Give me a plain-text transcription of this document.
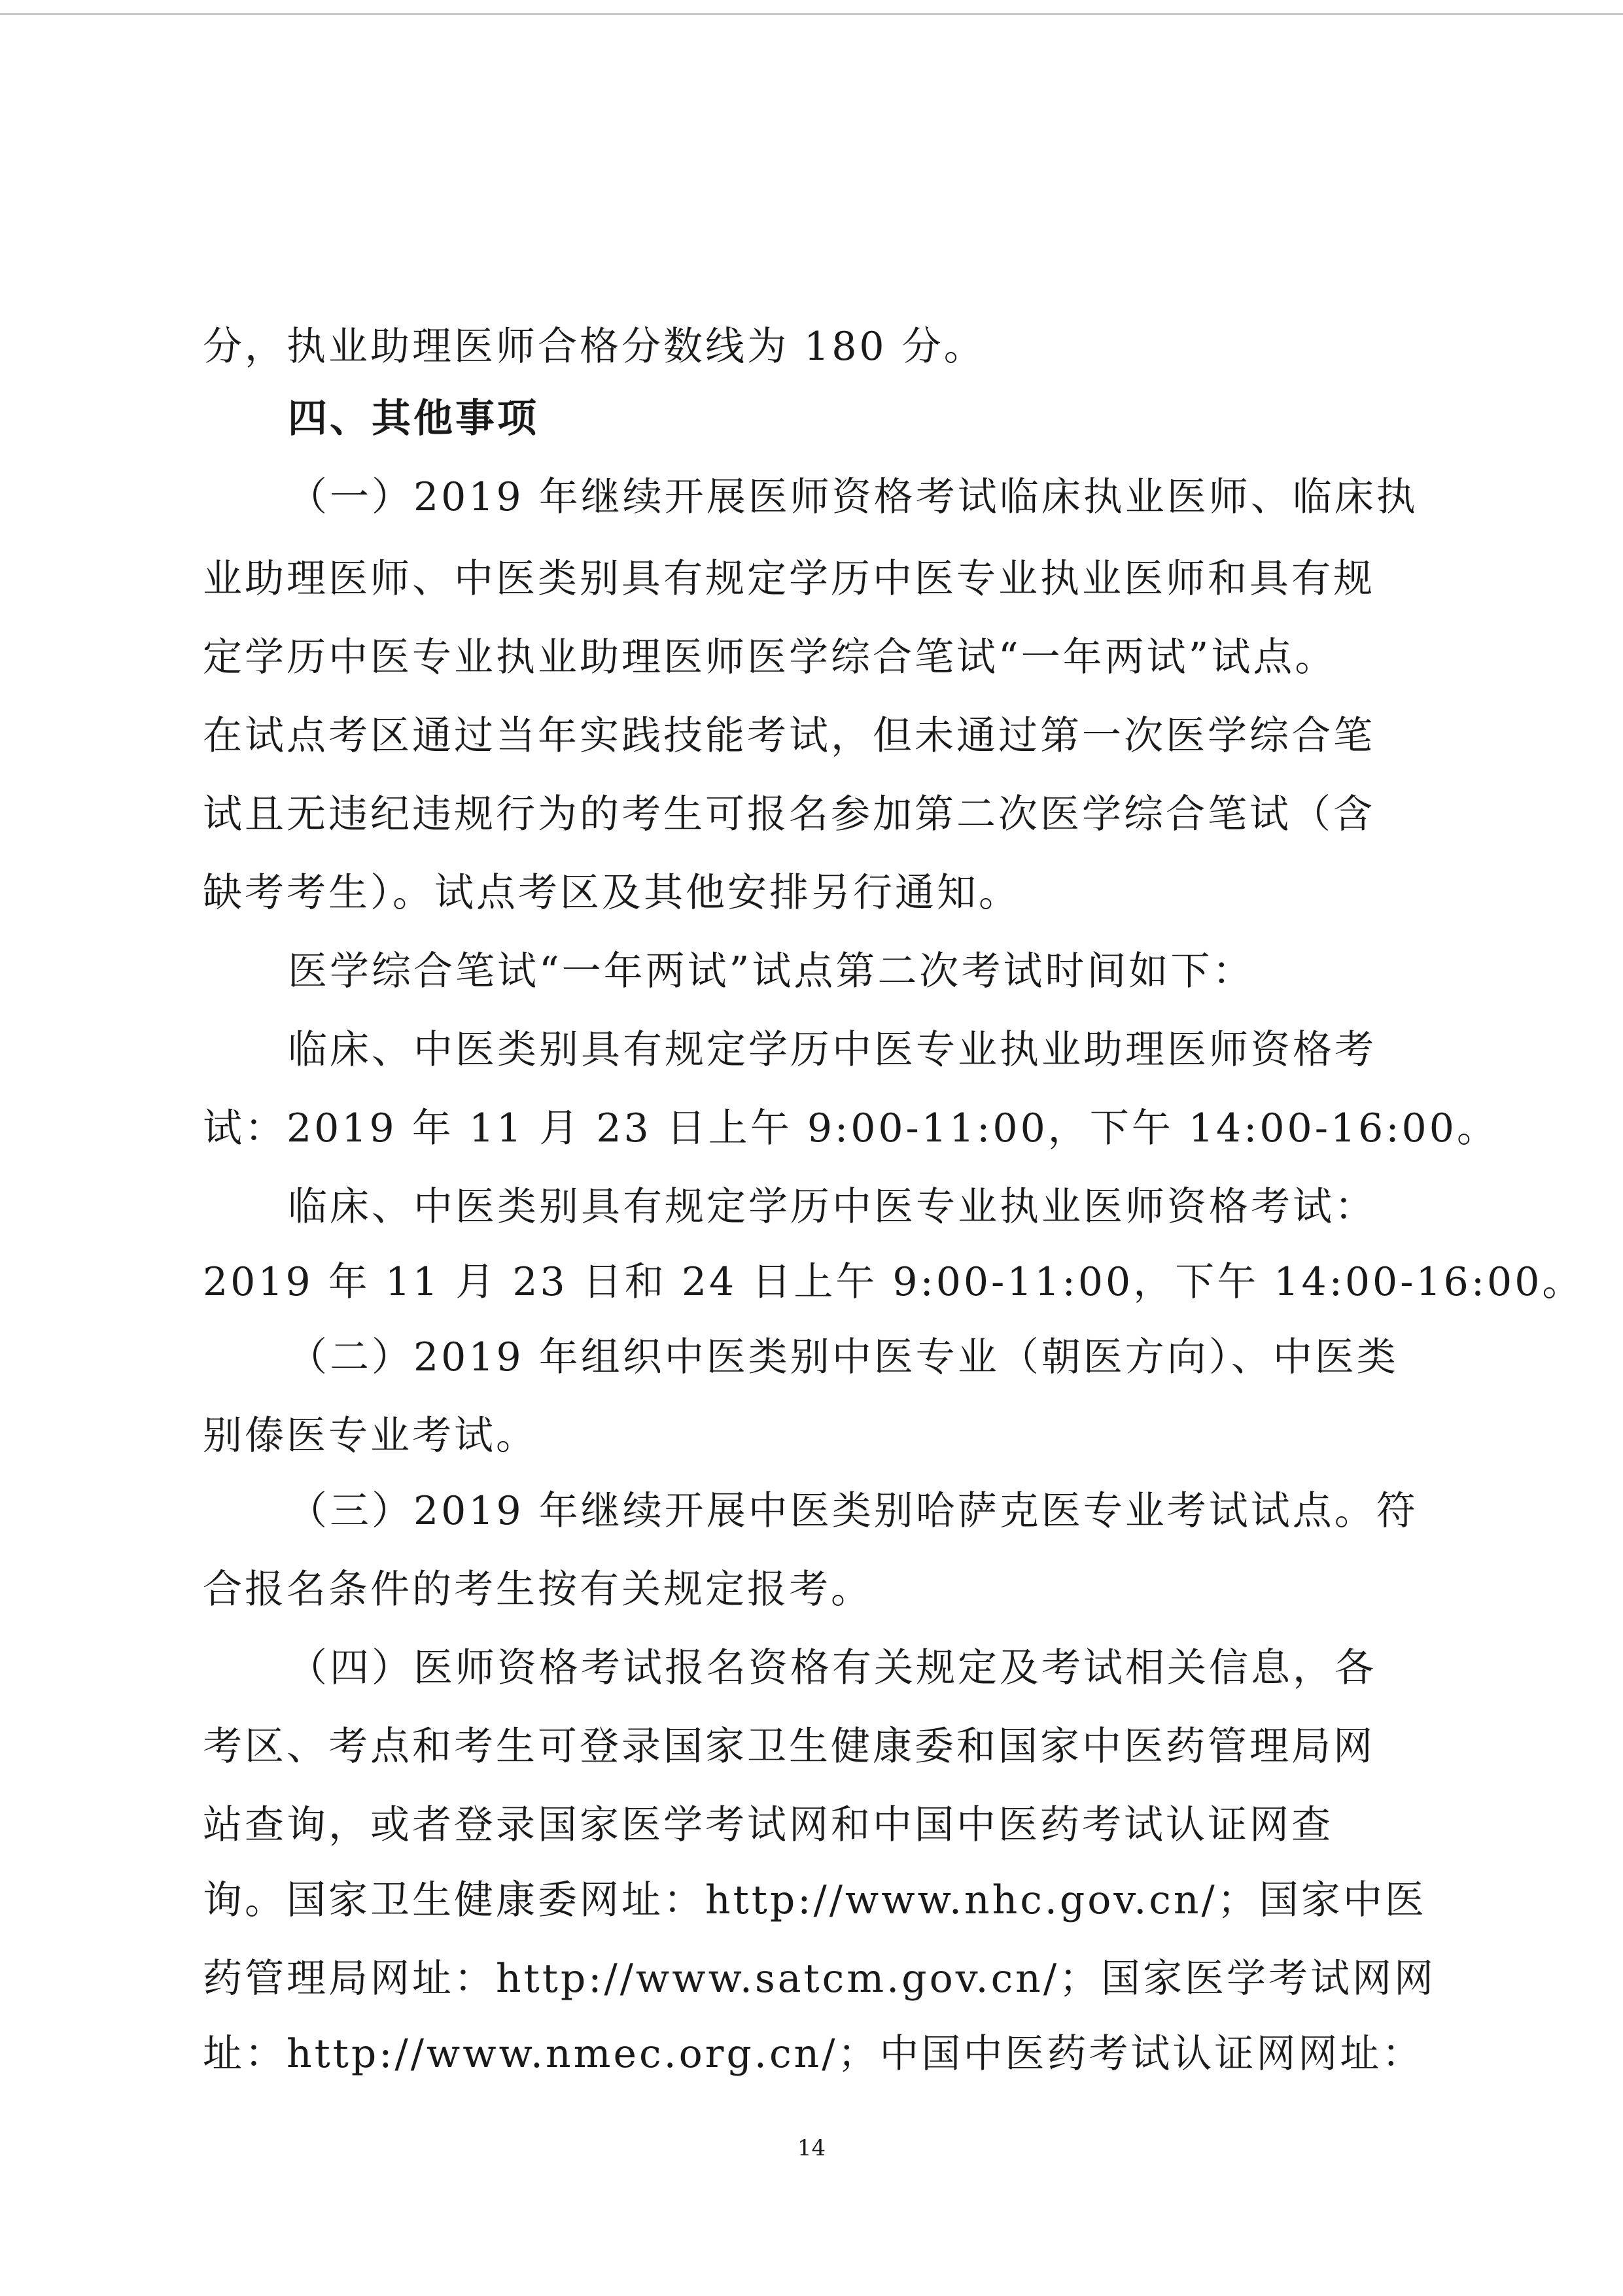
分，执业助理医师合格分数线为 180 分。
四、其他事项
（一）2019 年继续开展医师资格考试临床执业医师、临床执
业助理医师、中医类别具有规定学历中医专业执业医师和具有规
定学历中医专业执业助理医师医学综合笔试“一年两试”试点。
在试点考区通过当年实践技能考试，但未通过第一次医学综合笔
试且无违纪违规行为的考生可报名参加第二次医学综合笔试（含
缺考考生）。试点考区及其他安排另行通知。
医学综合笔试“一年两试”试点第二次考试时间如下：
临床、中医类别具有规定学历中医专业执业助理医师资格考
试：2019 年 11 月 23 日上午 9:00-11:00，下午 14:00-16:00。
临床、中医类别具有规定学历中医专业执业医师资格考试：
2019 年 11 月 23 日和 24 日上午 9:00-11:00，下午 14:00-16:00。
（二）2019 年组织中医类别中医专业（朝医方向）、中医类
别傣医专业考试。
（三）2019 年继续开展中医类别哈萨克医专业考试试点。符
合报名条件的考生按有关规定报考。
（四）医师资格考试报名资格有关规定及考试相关信息，各
考区、考点和考生可登录国家卫生健康委和国家中医药管理局网
站查询，或者登录国家医学考试网和中国中医药考试认证网查
询。国家卫生健康委网址：http://www.nhc.gov.cn/；国家中医
药管理局网址：http://www.satcm.gov.cn/；国家医学考试网网
址：http://www.nmec.org.cn/；中国中医药考试认证网网址：
14
